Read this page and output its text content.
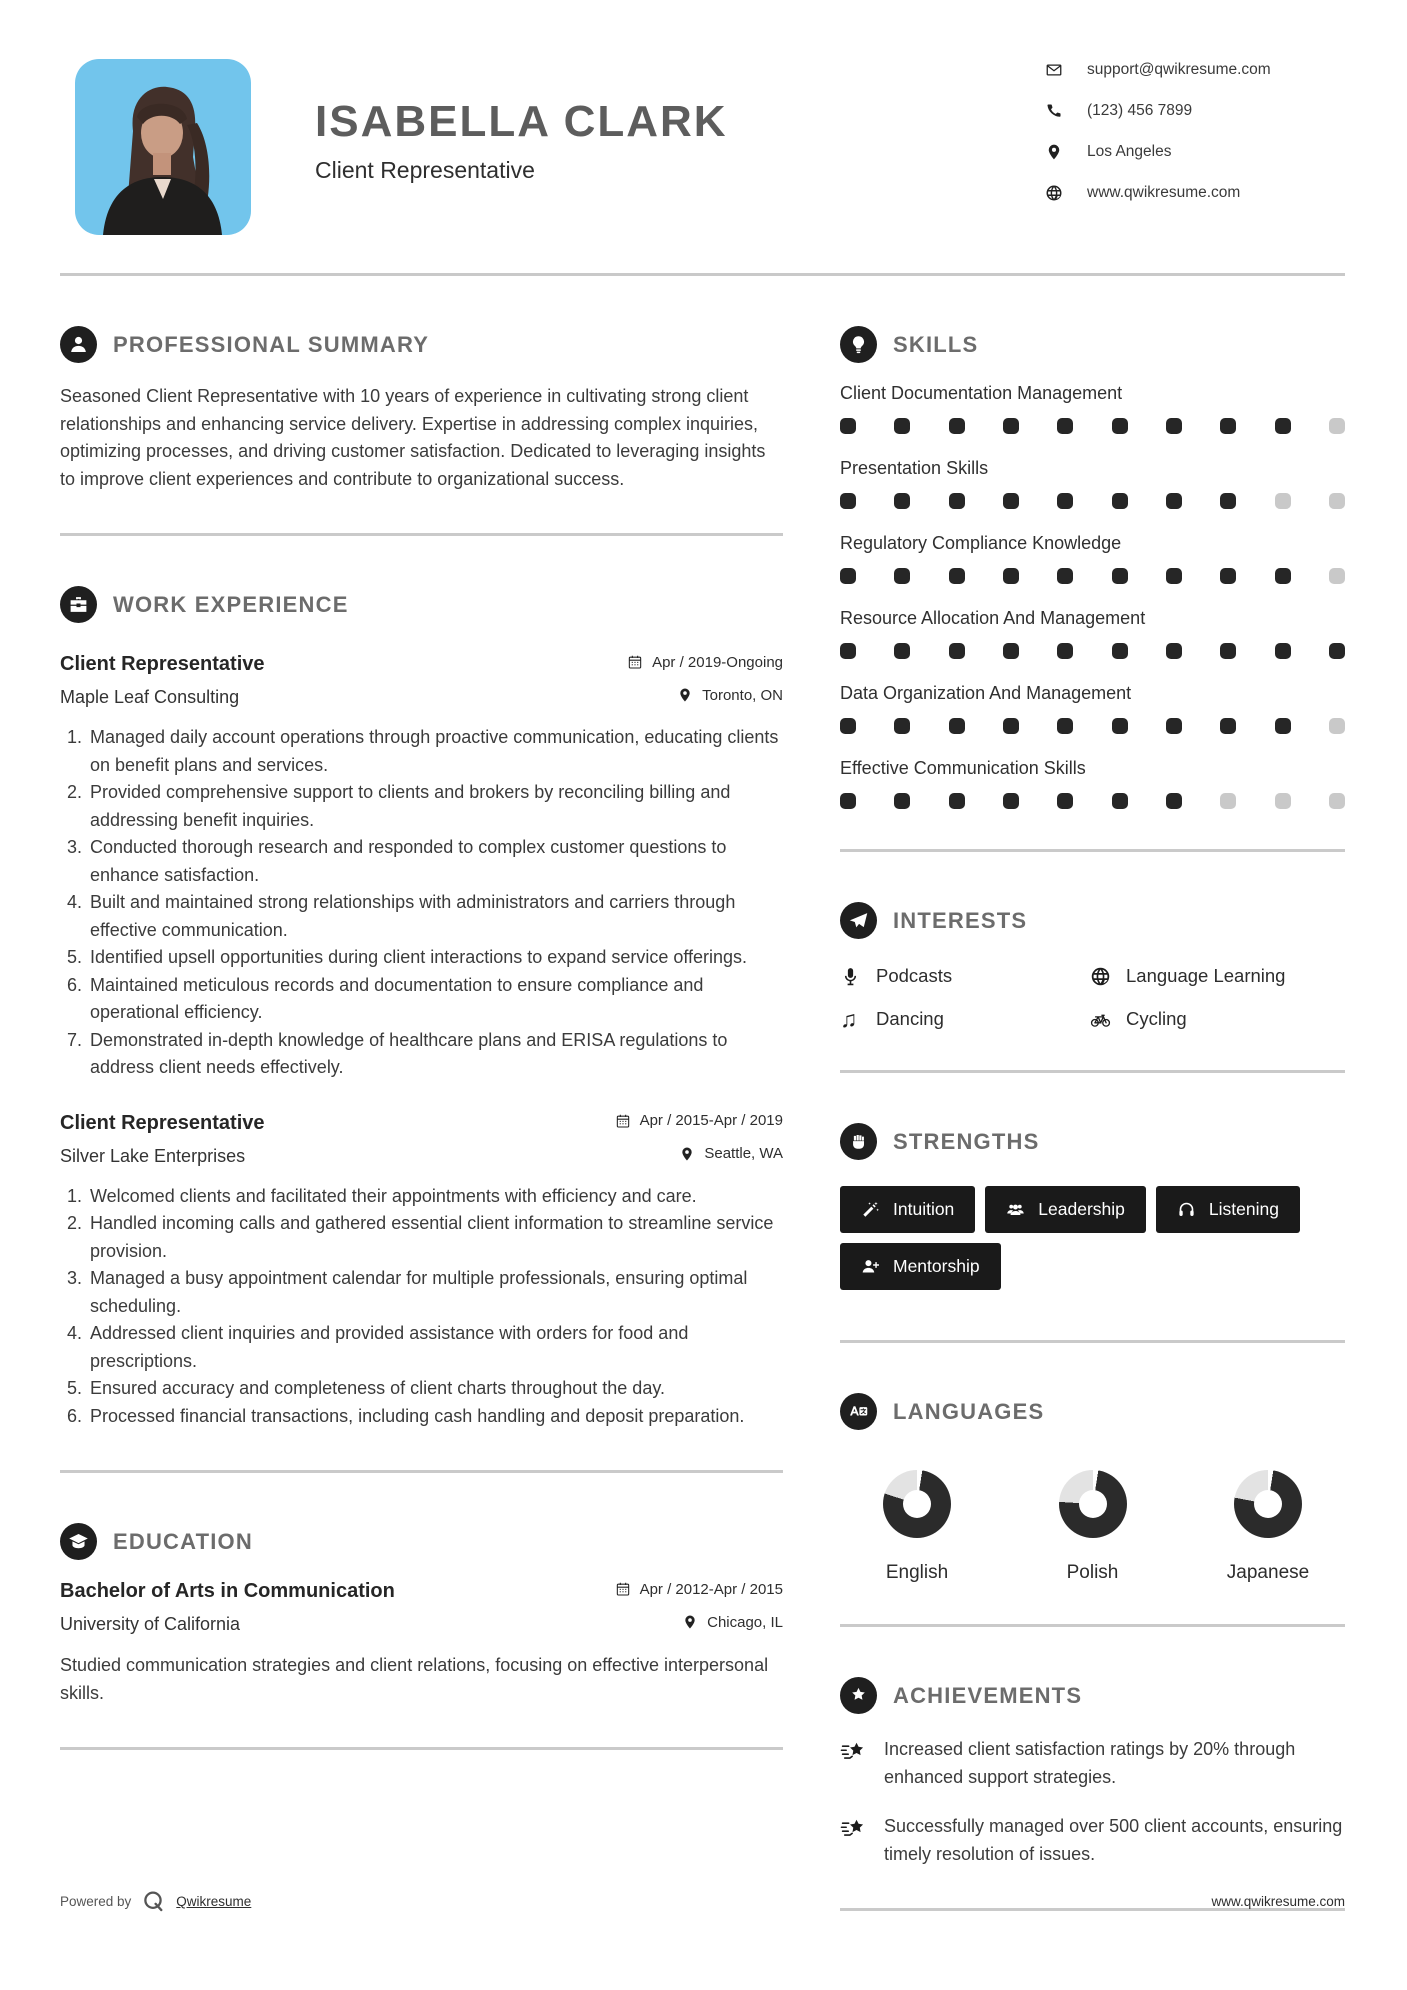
ISABELLA CLARK

Client Representative

support@qwikresume.com
(123) 456 7899
Los Angeles
www.qwikresume.com
PROFESSIONAL SUMMARY

Seasoned Client Representative with 10 years of experience in cultivating strong client relationships and enhancing service delivery. Expertise in addressing complex inquiries, optimizing processes, and driving customer satisfaction. Dedicated to leveraging insights to improve client experiences and contribute to organizational success.

WORK EXPERIENCE
Client Representative	Apr / 2019-Ongoing
Maple Leaf Consulting	Toronto, ON
1. Managed daily account operations through proactive communication, educating clients on benefit plans and services.
2. Provided comprehensive support to clients and brokers by reconciling billing and addressing benefit inquiries.
3. Conducted thorough research and responded to complex customer questions to enhance satisfaction.
4. Built and maintained strong relationships with administrators and carriers through effective communication.
5. Identified upsell opportunities during client interactions to expand service offerings.
6. Maintained meticulous records and documentation to ensure compliance and operational efficiency.
7. Demonstrated in-depth knowledge of healthcare plans and ERISA regulations to address client needs effectively.
Client Representative	Apr / 2015-Apr / 2019
Silver Lake Enterprises	Seattle, WA
1. Welcomed clients and facilitated their appointments with efficiency and care.
2. Handled incoming calls and gathered essential client information to streamline service provision.
3. Managed a busy appointment calendar for multiple professionals, ensuring optimal scheduling.
4. Addressed client inquiries and provided assistance with orders for food and prescriptions.
5. Ensured accuracy and completeness of client charts throughout the day.
6. Processed financial transactions, including cash handling and deposit preparation.
EDUCATION
Bachelor of Arts in Communication	Apr / 2012-Apr / 2015
University of California	Chicago, IL

Studied communication strategies and client relations, focusing on effective interpersonal skills.

SKILLS
Client Documentation Management
Presentation Skills
Regulatory Compliance Knowledge
Resource Allocation And Management
Data Organization And Management
Effective Communication Skills
INTERESTS
Podcasts	Language Learning
♫ Dancing	Cycling
STRENGTHS
Intuition	Leadership	Listening
Mentorship
LANGUAGES
English	Polish	Japanese
ACHIEVEMENTS

Increased client satisfaction ratings by 20% through enhanced support strategies.

Successfully managed over 500 client accounts, ensuring timely resolution of issues.

Powered by	Qwikresume	www.qwikresume.com
